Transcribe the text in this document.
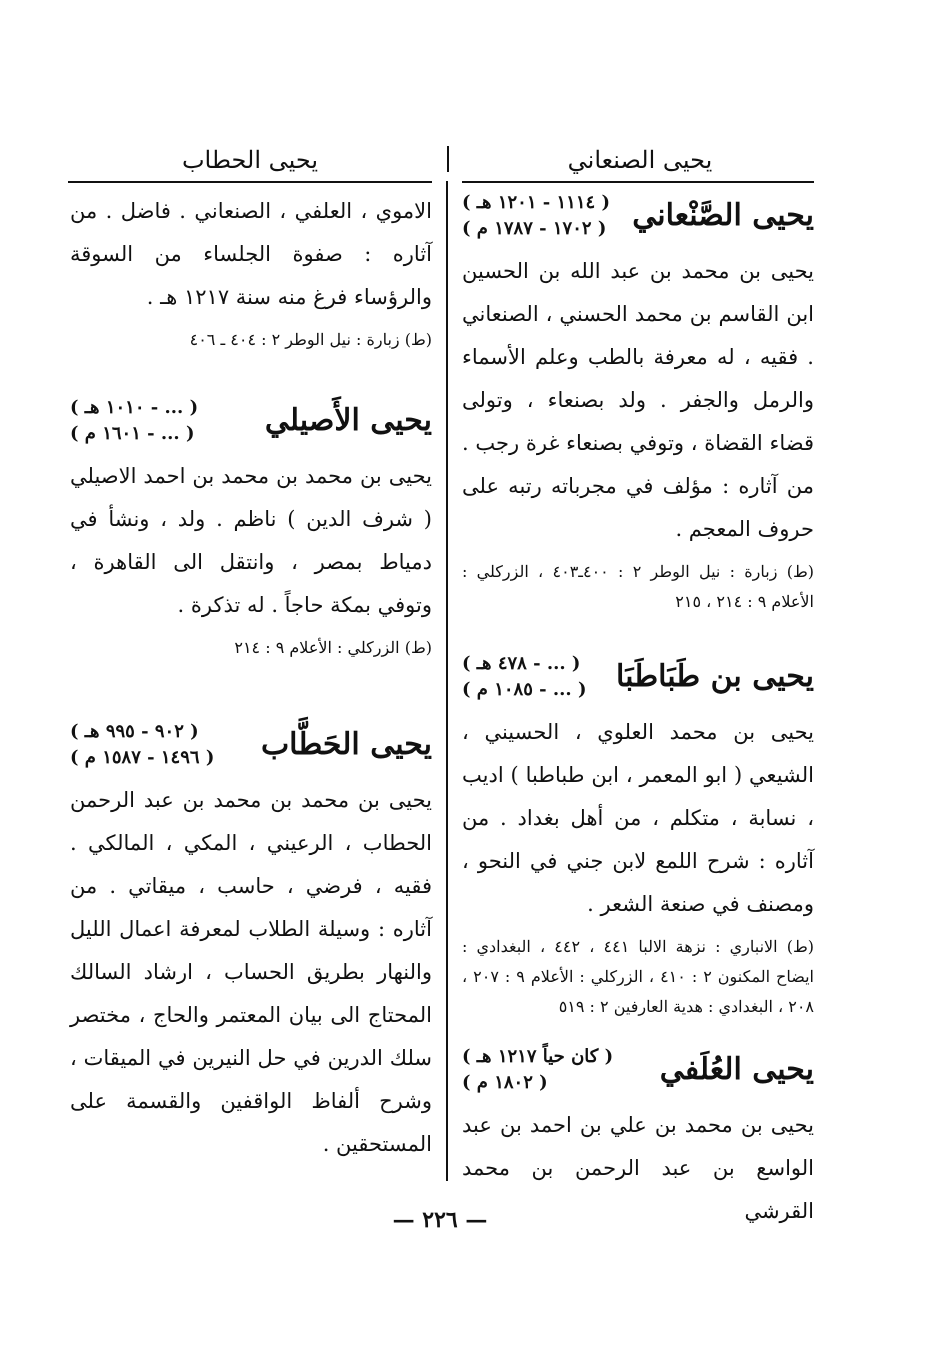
يحيى الصنعاني
يحيى الحطاب
يحيى الصَّنْعاني
( ١١١٤ - ١٢٠١ هـ )
( ١٧٠٢ - ١٧٨٧ م )

يحيى بن محمد بن عبد الله بن الحسين ابن القاسم بن محمد الحسني ، الصنعاني . فقيه ، له معرفة بالطب وعلم الأسماء والرمل والجفر . ولد بصنعاء ، وتولى قضاء القضاة ، وتوفي بصنعاء غرة رجب . من آثاره : مؤلف في مجرباته رتبه على حروف المعجم .

(ط) زبارة : نيل الوطر ٢ : ٤٠٠ـ٤٠٣ ، الزركلي : الأعلام ٩ : ٢١٤ ، ٢١٥

يحيى بن طَبَاطَبَا
( ... - ٤٧٨ هـ )
( ... - ١٠٨٥ م )

يحيى بن محمد العلوي ، الحسيني ، الشيعي ( ابو المعمر ، ابن طباطبا ) اديب ، نسابة ، متكلم ، من أهل بغداد . من آثاره : شرح اللمع لابن جني في النحو ، ومصنف في صنعة الشعر .

(ط) الانباري : نزهة الالبا ٤٤١ ، ٤٤٢ ، البغدادي : ايضاح المكنون ٢ : ٤١٠ ، الزركلي : الأعلام ٩ : ٢٠٧ ، ٢٠٨ ، البغدادي : هدية العارفين ٢ : ٥١٩

يحيى العُلَفي
( كان حياً ١٢١٧ هـ )
( ١٨٠٢ م )

يحيى بن محمد بن علي بن احمد بن عبد الواسع بن عبد الرحمن بن محمد القرشي

الاموي ، العلفي ، الصنعاني . فاضل . من آثاره : صفوة الجلساء من السوقة والرؤساء فرغ منه سنة ١٢١٧ هـ .

(ط) زبارة : نيل الوطر ٢ : ٤٠٤ ـ ٤٠٦

يحيى الأَصيلي
( ... - ١٠١٠ هـ )
( ... - ١٦٠١ م )

يحيى بن محمد بن محمد بن احمد الاصيلي ( شرف الدين ) ناظم . ولد ، ونشأ في دمياط بمصر ، وانتقل الى القاهرة ، وتوفي بمكة حاجاً . له تذكرة .

(ط) الزركلي : الأعلام ٩ : ٢١٤

يحيى الحَطَّاب
( ٩٠٢ - ٩٩٥ هـ )
( ١٤٩٦ - ١٥٨٧ م )

يحيى بن محمد بن محمد بن عبد الرحمن الحطاب ، الرعيني ، المكي ، المالكي . فقيه ، فرضي ، حاسب ، ميقاتي . من آثاره : وسيلة الطلاب لمعرفة اعمال الليل والنهار بطريق الحساب ، ارشاد السالك المحتاج الى بيان المعتمر والحاج ، مختصر سلك الدرين في حل النيرين في الميقات ، وشرح ألفاظ الواقفين والقسمة على المستحقين .

— ٢٢٦ —
